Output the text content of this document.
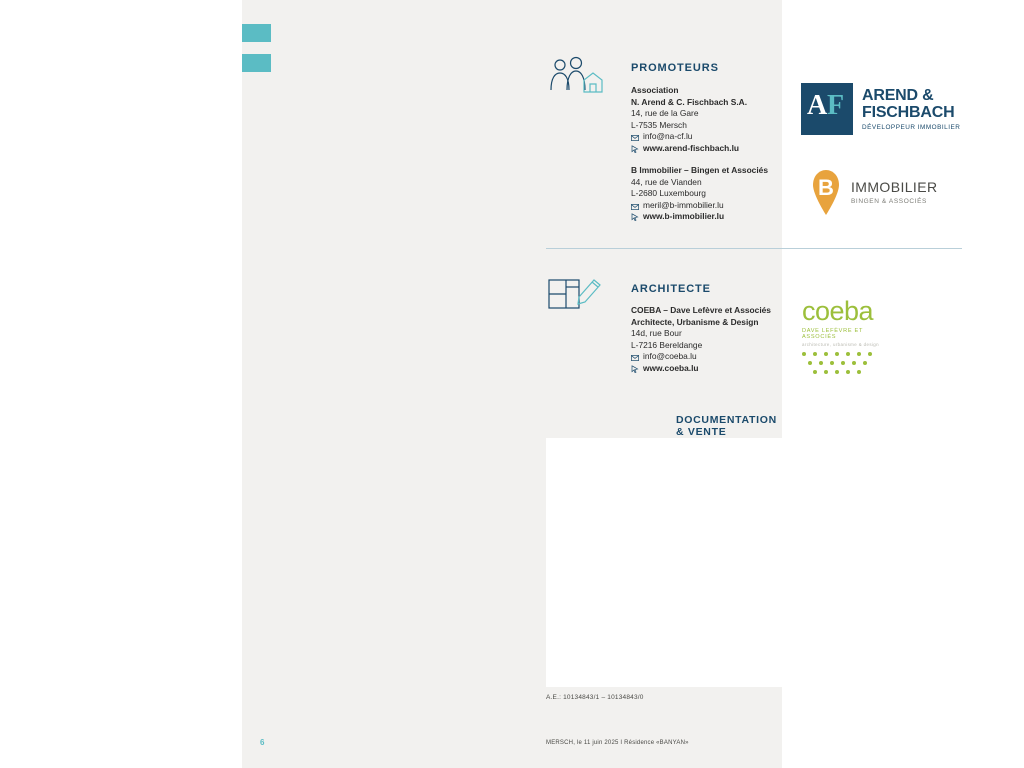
PROMOTEURS
Association
N. Arend & C. Fischbach S.A.
14, rue de la Gare
L-7535 Mersch
info@na-cf.lu
www.arend-fischbach.lu
B Immobilier – Bingen et Associés
44, rue de Vianden
L-2680 Luxembourg
meril@b-immobilier.lu
www.b-immobilier.lu
A F AREND &
FISCHBACH
DÉVELOPPEUR IMMOBILIER
B IMMOBILIER
BINGEN & ASSOCIÉS
ARCHITECTE
COEBA – Dave Lefèvre et Associés
Architecte, Urbanisme & Design
14d, rue Bour
L-7216 Bereldange
info@coeba.lu
www.coeba.lu
coeba
DAVE LEFÈVRE ET ASSOCIÉS
architecture, urbanisme & design
DOCUMENTATION & VENTE
A.E.: 10134843/1 – 10134843/0
MERSCH, le 11 juin 2025 I Résidence «BANYAN»
6
